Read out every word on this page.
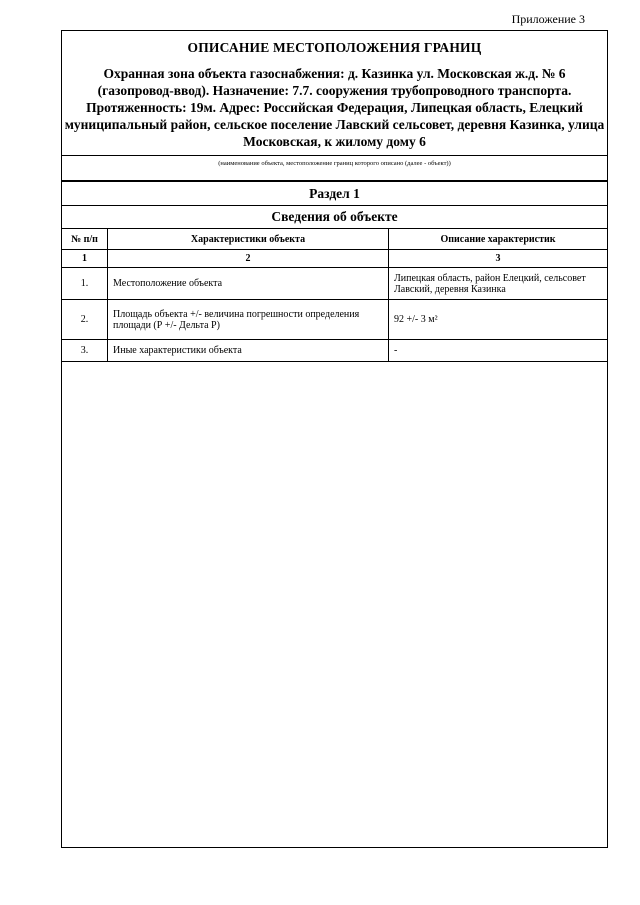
Приложение 3
ОПИСАНИЕ МЕСТОПОЛОЖЕНИЯ ГРАНИЦ
Охранная зона объекта газоснабжения: д. Казинка ул. Московская ж.д. № 6 (газопровод-ввод). Назначение: 7.7. сооружения трубопроводного транспорта. Протяженность: 19м. Адрес: Российская Федерация, Липецкая область, Елецкий муниципальный район, сельское поселение Лавский сельсовет, деревня Казинка, улица Московская, к жилому дому 6
(наименование объекта, местоположение границ которого описано (далее - объект))
Раздел 1
Сведения об объекте
№ п/п	Характеристики объекта	Описание характеристик
1	2	3
1.	Местоположение объекта	Липецкая область, район Елецкий, сельсовет Лавский, деревня Казинка
2.	Площадь объекта +/- величина погрешности определения площади (Р +/- Дельта Р)	92 +/- 3 м²
3.	Иные характеристики объекта	-
